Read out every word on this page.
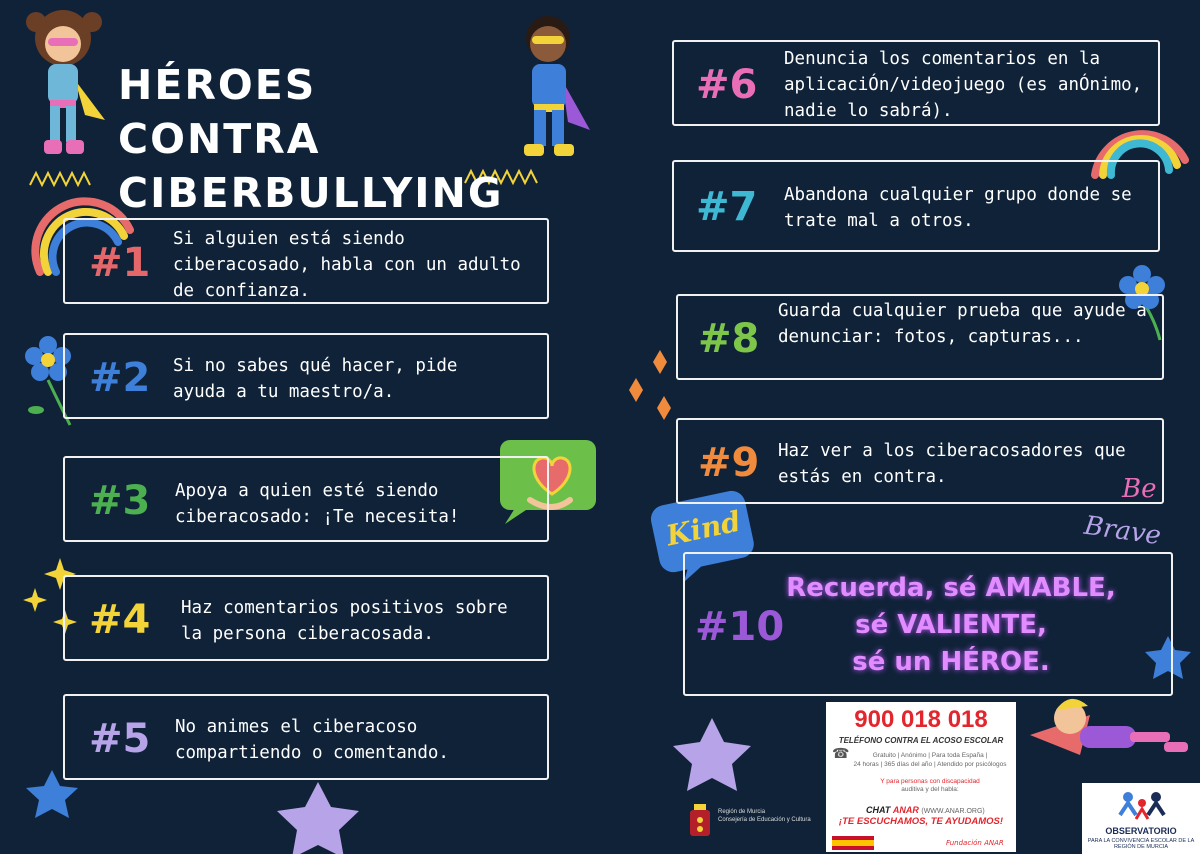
HÉROES CONTRA
CIBERBULLYING
#1
Si alguien está siendo ciberacosado, habla con un adulto de confianza.
#2 Si no sabes qué hacer, pide ayuda a tu maestro/a.
#3 Apoya a quien esté siendo ciberacosado: ¡Te necesita!
#4 Haz comentarios positivos sobre la persona ciberacosada.
#5 No animes el ciberacoso compartiendo o comentando.
#6
Denuncia los comentarios en la aplicaciÓn/videojuego (es anÓnimo, nadie lo sabrá).
#7 Abandona cualquier grupo donde se trate mal a otros.
#8
Guarda cualquier prueba que ayude a denunciar: fotos, capturas...
#9 Haz ver a los ciberacosadores que estás en contra.
#10
Recuerda, sé AMABLE,
sé VALIENTE,
sé un HÉROE.
Kind
Be
Brave
900 018 018
TELÉFONO CONTRA EL ACOSO ESCOLAR
☎	Gratuito | Anónimo | Para toda España |
24 horas | 365 días del año | Atendido por psicólogos
Y para personas con discapacidad
auditiva y del habla:
CHAT ANAR (WWW.ANAR.ORG)
¡TE ESCUCHAMOS, TE AYUDAMOS!
Fundación ANAR
Región de Murcia
Consejería de Educación y Cultura
OBSERVATORIO
PARA LA CONVIVENCIA ESCOLAR DE LA REGIÓN DE MURCIA
